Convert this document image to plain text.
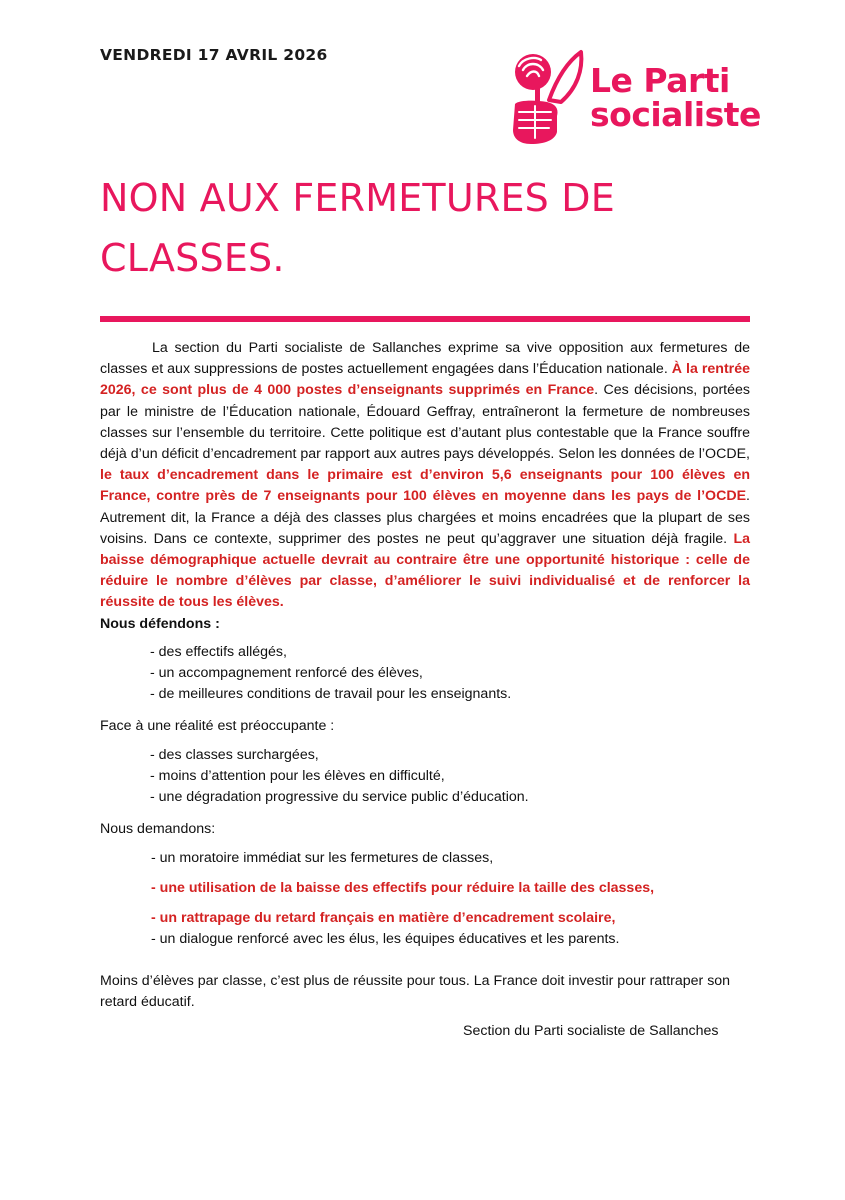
VENDREDI 17 AVRIL 2026
Le Parti
socialiste
NON AUX FERMETURES DE CLASSES.

La section du Parti socialiste de Sallanches exprime sa vive opposition aux fermetures de classes et aux suppressions de postes actuellement engagées dans l’Éducation nationale. À la rentrée 2026, ce sont plus de 4 000 postes d’enseignants supprimés en France. Ces décisions, portées par le ministre de l’Éducation nationale, Édouard Geffray, entraîneront la fermeture de nombreuses classes sur l’ensemble du territoire. Cette politique est d’autant plus contestable que la France souffre déjà d’un déficit d’encadrement par rapport aux autres pays développés. Selon les données de l’OCDE, le taux d’encadrement dans le primaire est d’environ 5,6 enseignants pour 100 élèves en France, contre près de 7 enseignants pour 100 élèves en moyenne dans les pays de l’OCDE. Autrement dit, la France a déjà des classes plus chargées et moins encadrées que la plupart de ses voisins. Dans ce contexte, supprimer des postes ne peut qu’aggraver une situation déjà fragile. La baisse démographique actuelle devrait au contraire être une opportunité historique : celle de réduire le nombre d’élèves par classe, d’améliorer le suivi individualisé et de renforcer la réussite de tous les élèves.

Nous défendons :

- des effectifs allégés,
- un accompagnement renforcé des élèves,
- de meilleures conditions de travail pour les enseignants.

Face à une réalité est préoccupante :

- des classes surchargées,
- moins d’attention pour les élèves en difficulté,
- une dégradation progressive du service public d’éducation.

Nous demandons:

- un moratoire immédiat sur les fermetures de classes,
- une utilisation de la baisse des effectifs pour réduire la taille des classes,
- un rattrapage du retard français en matière d’encadrement scolaire,
- un dialogue renforcé avec les élus, les équipes éducatives et les parents.

Moins d’élèves par classe, c’est plus de réussite pour tous. La France doit investir pour rattraper son retard éducatif.

Section du Parti socialiste de Sallanches
